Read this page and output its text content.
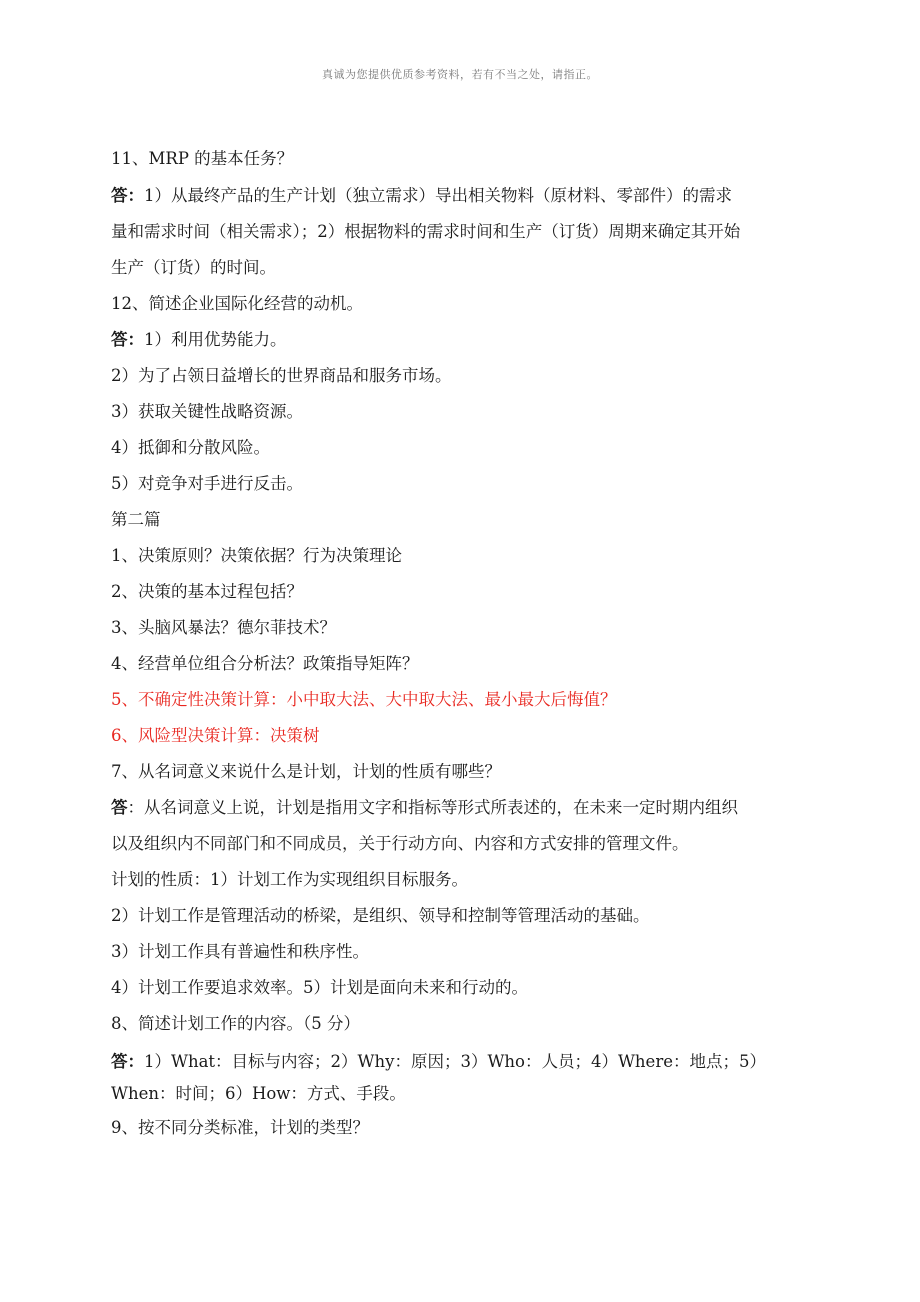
真诚为您提供优质参考资料，若有不当之处，请指正。
11、MRP 的基本任务？
答：1）从最终产品的生产计划（独立需求）导出相关物料（原材料、零部件）的需求
量和需求时间（相关需求）；2）根据物料的需求时间和生产（订货）周期来确定其开始
生产（订货）的时间。
12、简述企业国际化经营的动机。
答：1）利用优势能力。
2）为了占领日益增长的世界商品和服务市场。
3）获取关键性战略资源。
4）抵御和分散风险。
5）对竞争对手进行反击。
第二篇
1、决策原则？决策依据？行为决策理论
2、决策的基本过程包括？
3、头脑风暴法？德尔菲技术？
4、经营单位组合分析法？政策指导矩阵？
5、不确定性决策计算：小中取大法、大中取大法、最小最大后悔值？
6、风险型决策计算：决策树
7、从名词意义来说什么是计划，计划的性质有哪些？
答：从名词意义上说，计划是指用文字和指标等形式所表述的，在未来一定时期内组织
以及组织内不同部门和不同成员，关于行动方向、内容和方式安排的管理文件。
计划的性质：1）计划工作为实现组织目标服务。
2）计划工作是管理活动的桥梁，是组织、领导和控制等管理活动的基础。
3）计划工作具有普遍性和秩序性。
4）计划工作要追求效率。5）计划是面向未来和行动的。
8、简述计划工作的内容。（5 分）
答：1）What：目标与内容；2）Why：原因；3）Who：人员；4）Where：地点；5）
When：时间；6）How：方式、手段。
9、按不同分类标准，计划的类型？
